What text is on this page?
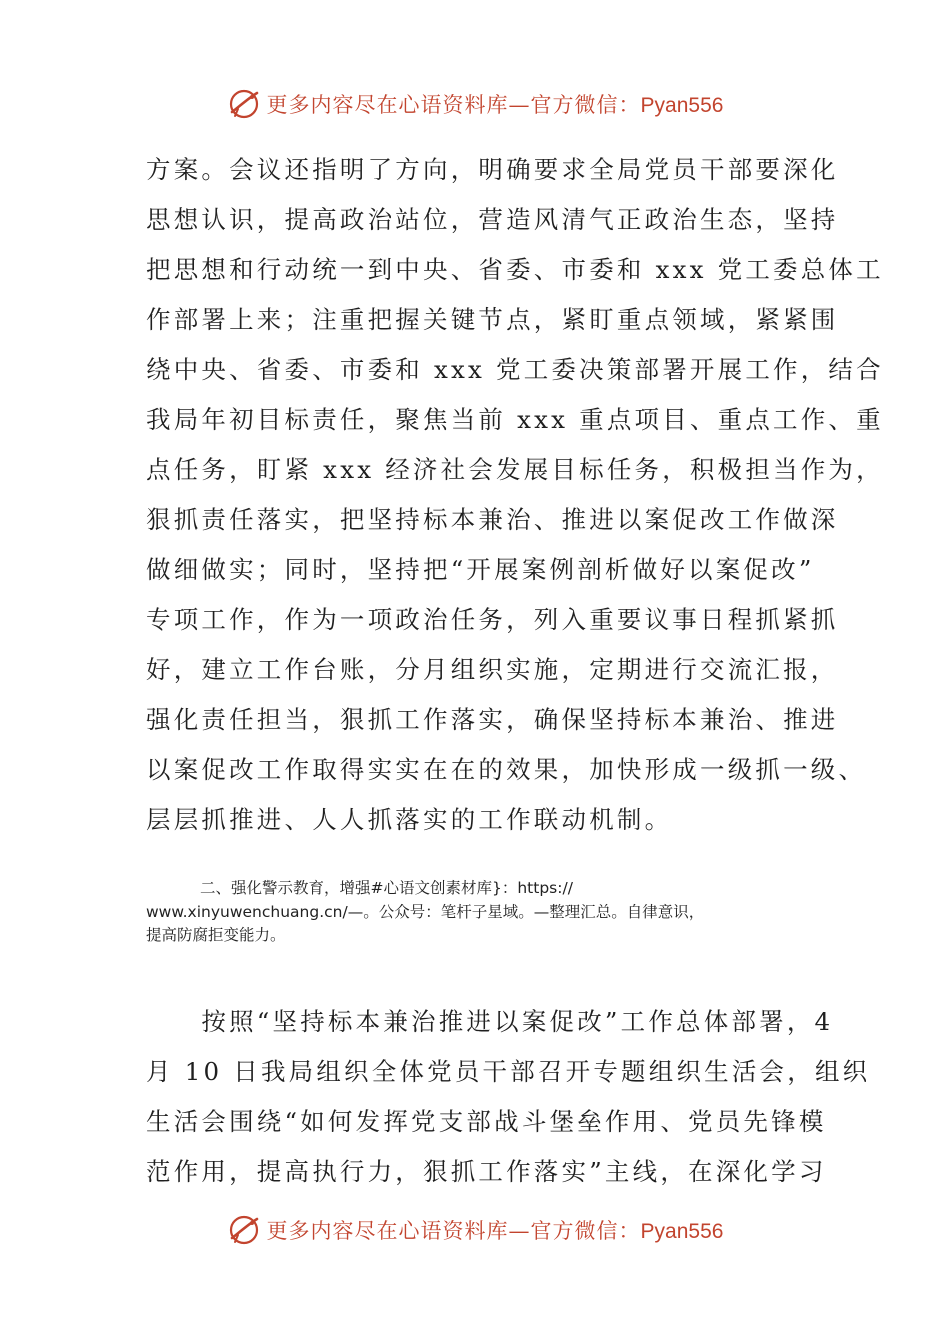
更多内容尽在心语资料库—官方微信：Pyan556
方案。会议还指明了方向，明确要求全局党员干部要深化
思想认识，提高政治站位，营造风清气正政治生态，坚持
把思想和行动统一到中央、省委、市委和 xxx 党工委总体工
作部署上来；注重把握关键节点，紧盯重点领域，紧紧围
绕中央、省委、市委和 xxx 党工委决策部署开展工作，结合
我局年初目标责任，聚焦当前 xxx 重点项目、重点工作、重
点任务，盯紧 xxx 经济社会发展目标任务，积极担当作为，
狠抓责任落实，把坚持标本兼治、推进以案促改工作做深
做细做实；同时，坚持把“开展案例剖析做好以案促改”
专项工作，作为一项政治任务，列入重要议事日程抓紧抓
好，建立工作台账，分月组织实施，定期进行交流汇报，
强化责任担当，狠抓工作落实，确保坚持标本兼治、推进
以案促改工作取得实实在在的效果，加快形成一级抓一级、
层层抓推进、人人抓落实的工作联动机制。
二、强化警示教育，增强#心语文创素材库}：https://
www.xinyuwenchuang.cn/—。公众号：笔杆子星域。—整理汇总。自律意识，
提高防腐拒变能力。
　　按照“坚持标本兼治推进以案促改”工作总体部署，4
月 10 日我局组织全体党员干部召开专题组织生活会，组织
生活会围绕“如何发挥党支部战斗堡垒作用、党员先锋模
范作用，提高执行力，狠抓工作落实”主线，在深化学习
更多内容尽在心语资料库—官方微信：Pyan556
